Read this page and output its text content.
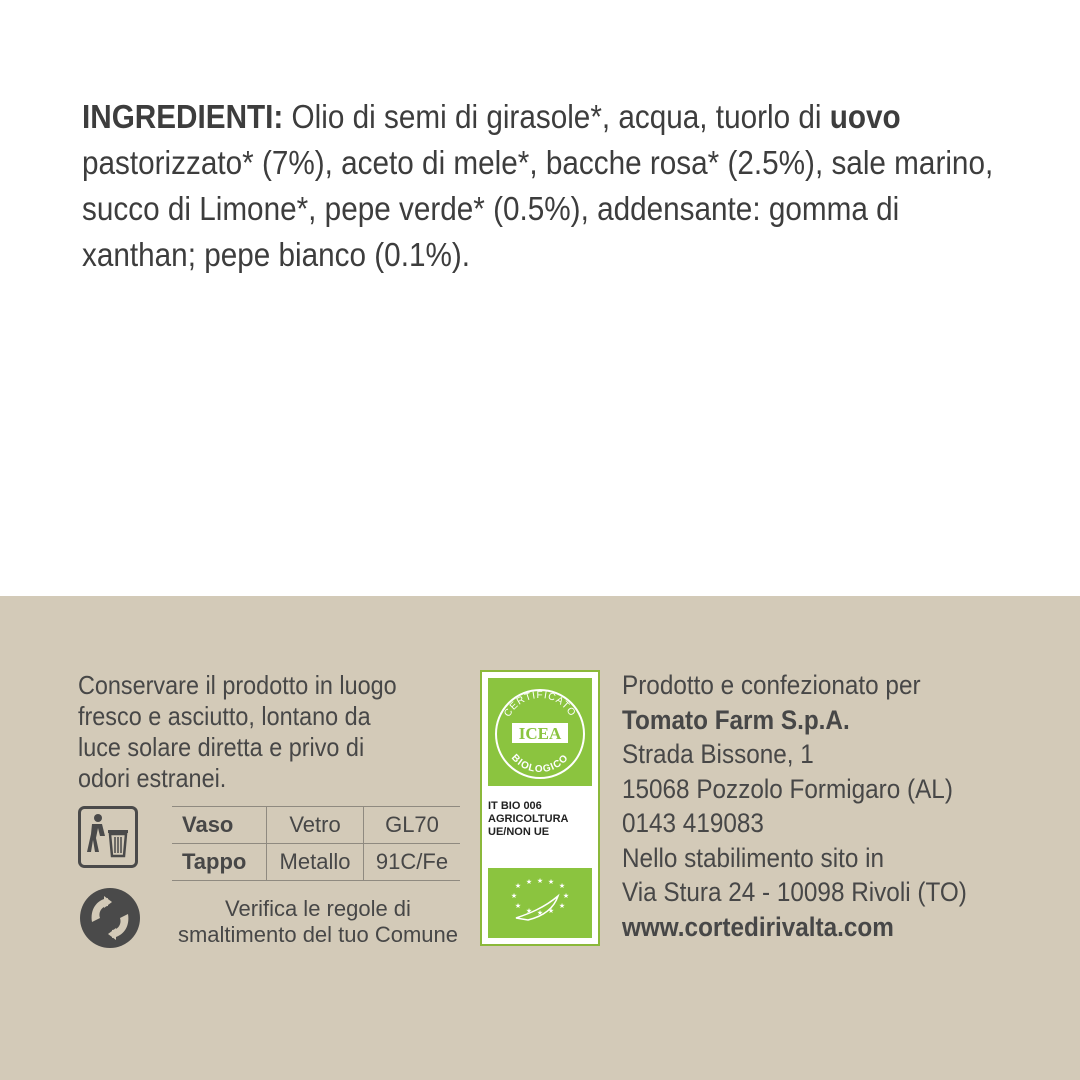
INGREDIENTI: Olio di semi di girasole*, acqua, tuorlo di uovo pastorizzato* (7%), aceto di mele*, bacche rosa* (2.5%), sale marino, succo di Limone*, pepe verde* (0.5%), addensante: gomma di xanthan; pepe bianco (0.1%).
Conservare il prodotto in luogo
fresco e asciutto, lontano da
luce solare diretta e privo di
odori estranei.
Vaso	Vetro	GL70
Tappo	Metallo	91C/Fe
Verifica le regole di
smaltimento del tuo Comune
CERTIFICATO
ICEA
BIOLOGICO
IT BIO 006
AGRICOLTURA
UE/NON UE
★ ★ ★ ★ ★
★
★
★
★
★
★
★
Prodotto e confezionato per
Tomato Farm S.p.A.
Strada Bissone, 1
15068 Pozzolo Formigaro (AL)
0143 419083
Nello stabilimento sito in
Via Stura 24 - 10098 Rivoli (TO)
www.cortedirivalta.com
